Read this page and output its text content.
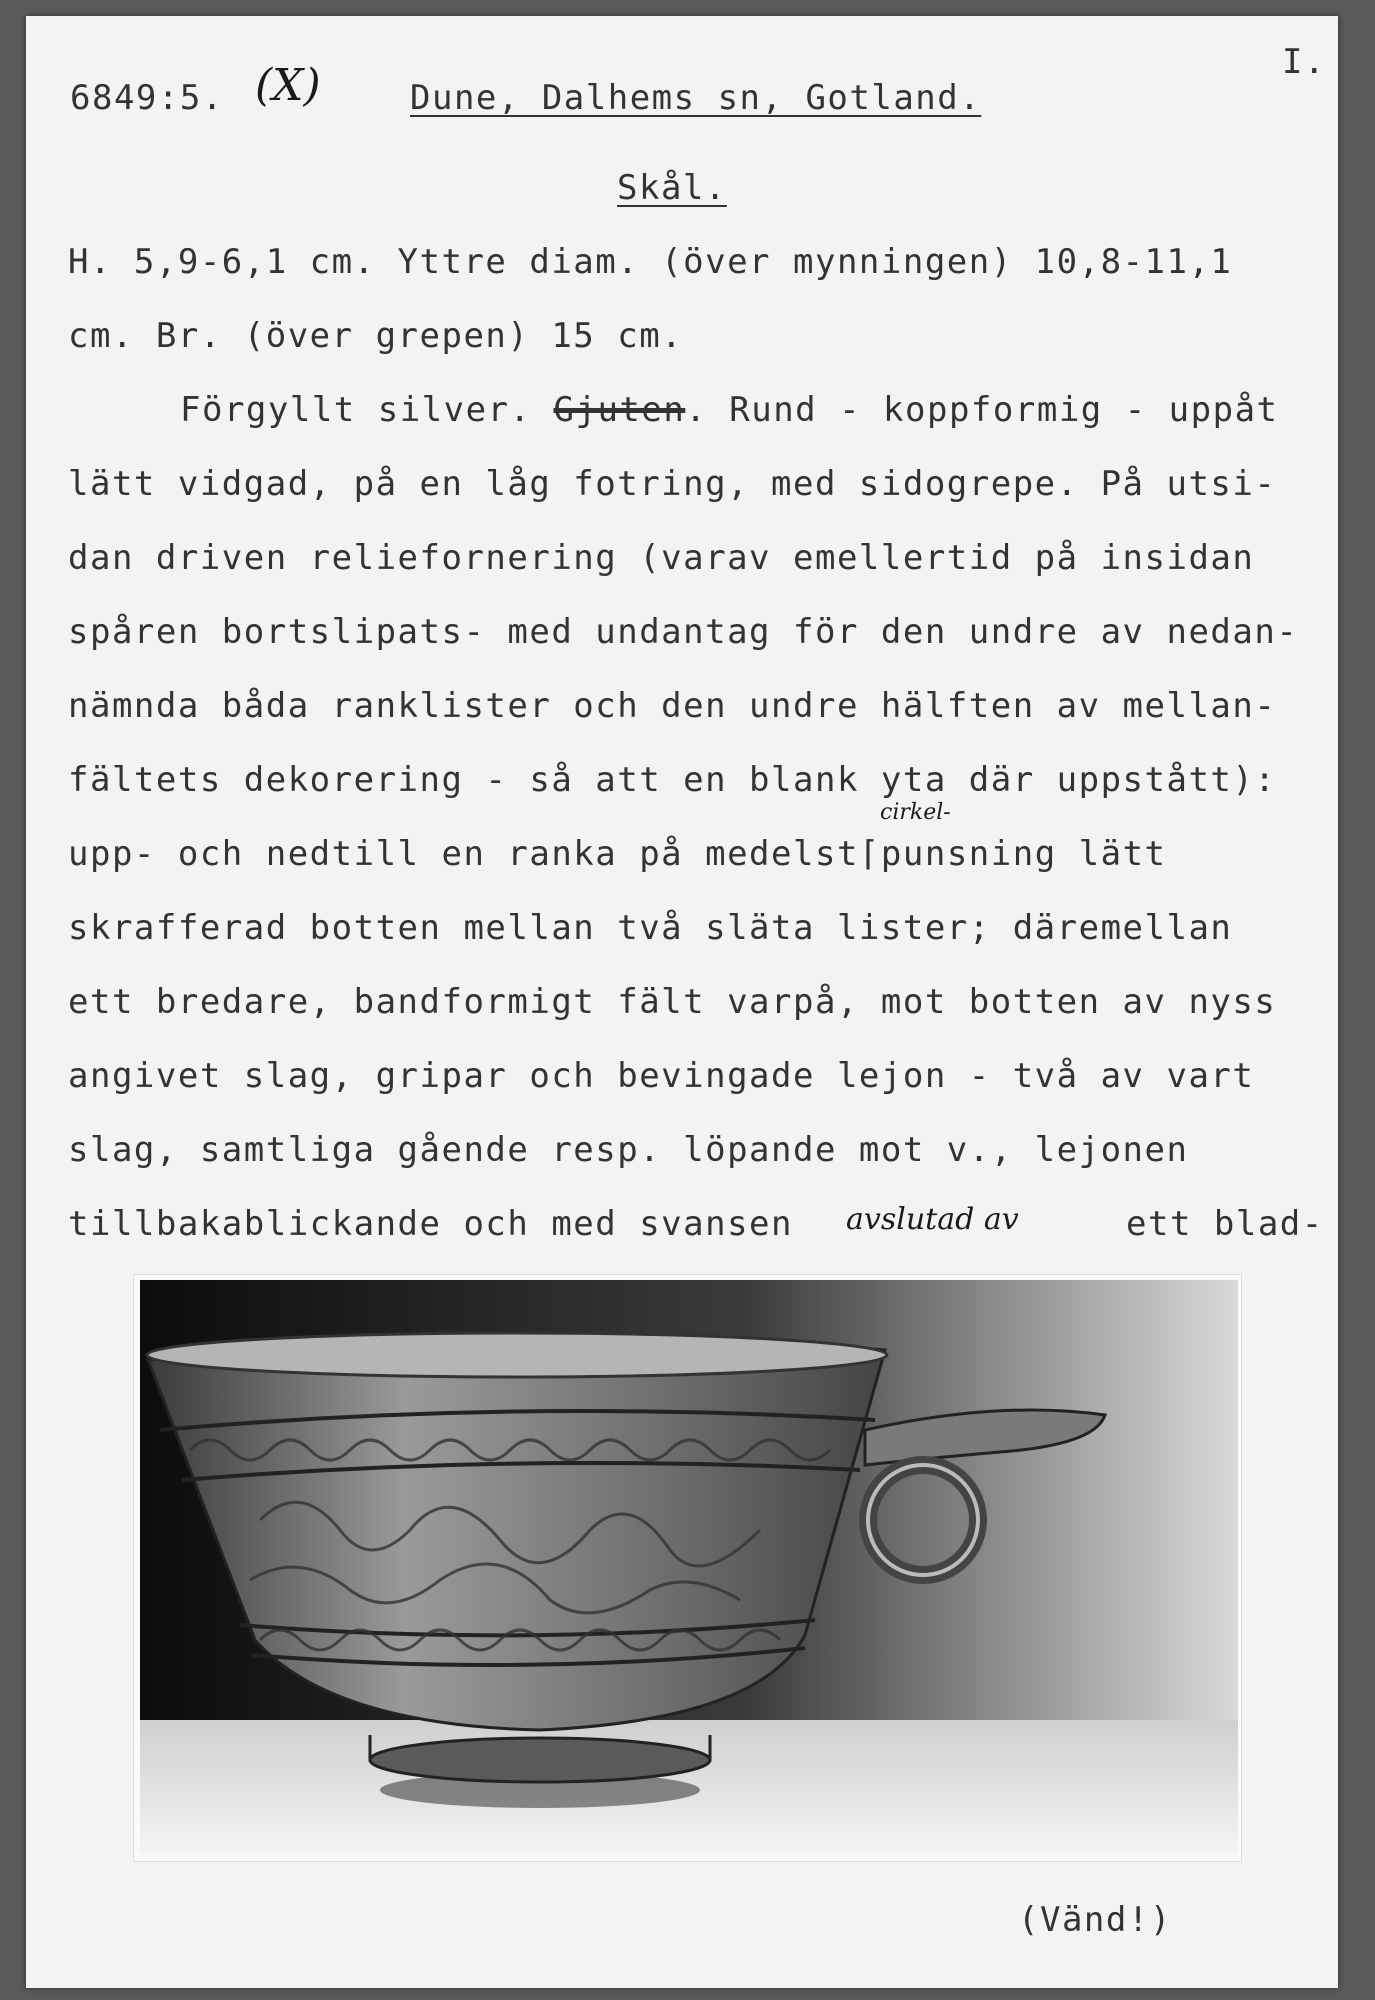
I.
6849:5. (X)	Dune, Dalhems sn, Gotland.
Skål.
H. 5,9-6,1 cm. Yttre diam. (över mynningen) 10,8-11,1
cm. Br. (över grepen) 15 cm.
Förgyllt silver. Gjuten. Rund - koppformig - uppåt
lätt vidgad, på en låg fotring, med sidogrepe. På utsi-
dan driven reliefornering (varav emellertid på insidan
spåren bortslipats- med undantag för den undre av nedan-
nämnda båda ranklister och den undre hälften av mellan-
fältets dekorering - så att en blank yta där uppstått):
cirkel-
upp- och nedtill en ranka på medelst⌈punsning lätt
skrafferad botten mellan två släta lister; däremellan
ett bredare, bandformigt fält varpå, mot botten av nyss
angivet slag, gripar och bevingade lejon - två av vart
slag, samtliga gående resp. löpande mot v., lejonen
tillbakablickande och med svansen avslutad av	ett blad-
(Vänd!)
